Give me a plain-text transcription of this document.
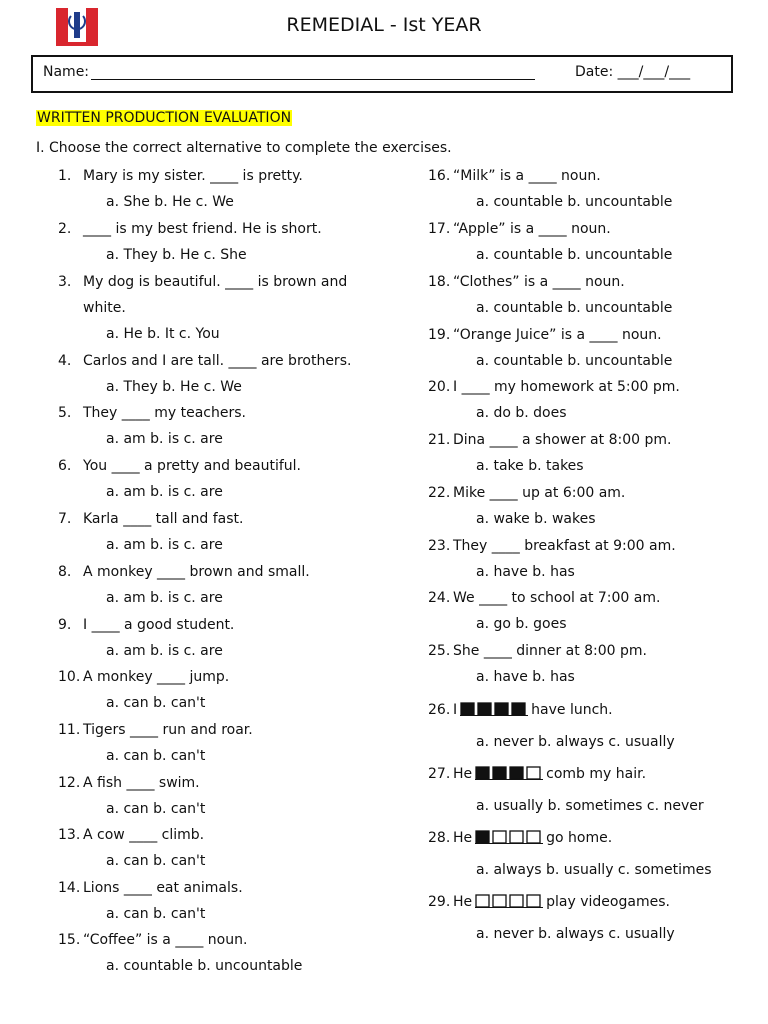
REMEDIAL - Ist YEAR
Name:	Date: ___/___/___
WRITTEN PRODUCTION EVALUATION
I. Choose the correct alternative to complete the exercises.
1. Mary is my sister. ____ is pretty.
a. She b. He c. We
2. ____ is my best friend. He is short.
a. They b. He c. She
3. My dog is beautiful. ____ is brown and
white.
a. He b. It c. You
4. Carlos and I are tall. ____ are brothers.
a. They b. He c. We
5. They ____ my teachers.
a. am b. is c. are
6. You ____ a pretty and beautiful.
a. am b. is c. are
7. Karla ____ tall and fast.
a. am b. is c. are
8. A monkey ____ brown and small.
a. am b. is c. are
9. I ____ a good student.
a. am b. is c. are
10. A monkey ____ jump.
a. can b. can't
11. Tigers ____ run and roar.
a. can b. can't
12. A fish ____ swim.
a. can b. can't
13. A cow ____ climb.
a. can b. can't
14. Lions ____ eat animals.
a. can b. can't
15. “Coffee” is a ____ noun.
a. countable b. uncountable
16. “Milk” is a ____ noun.
a. countable b. uncountable
17. “Apple” is a ____ noun.
a. countable b. uncountable
18. “Clothes” is a ____ noun.
a. countable b. uncountable
19. “Orange Juice” is a ____ noun.
a. countable b. uncountable
20. I ____ my homework at 5:00 pm.
a. do b. does
21. Dina ____ a shower at 8:00 pm.
a. take b. takes
22. Mike ____ up at 6:00 am.
a. wake b. wakes
23. They ____ breakfast at 9:00 am.
a. have b. has
24. We ____ to school at 7:00 am.
a. go b. goes
25. She ____ dinner at 8:00 pm.
a. have b. has
26. I	have lunch.
a. never b. always c. usually
27. He	comb my hair.
a. usually b. sometimes c. never
28. He	go home.
a. always b. usually c. sometimes
29. He	play videogames.
a. never b. always c. usually
